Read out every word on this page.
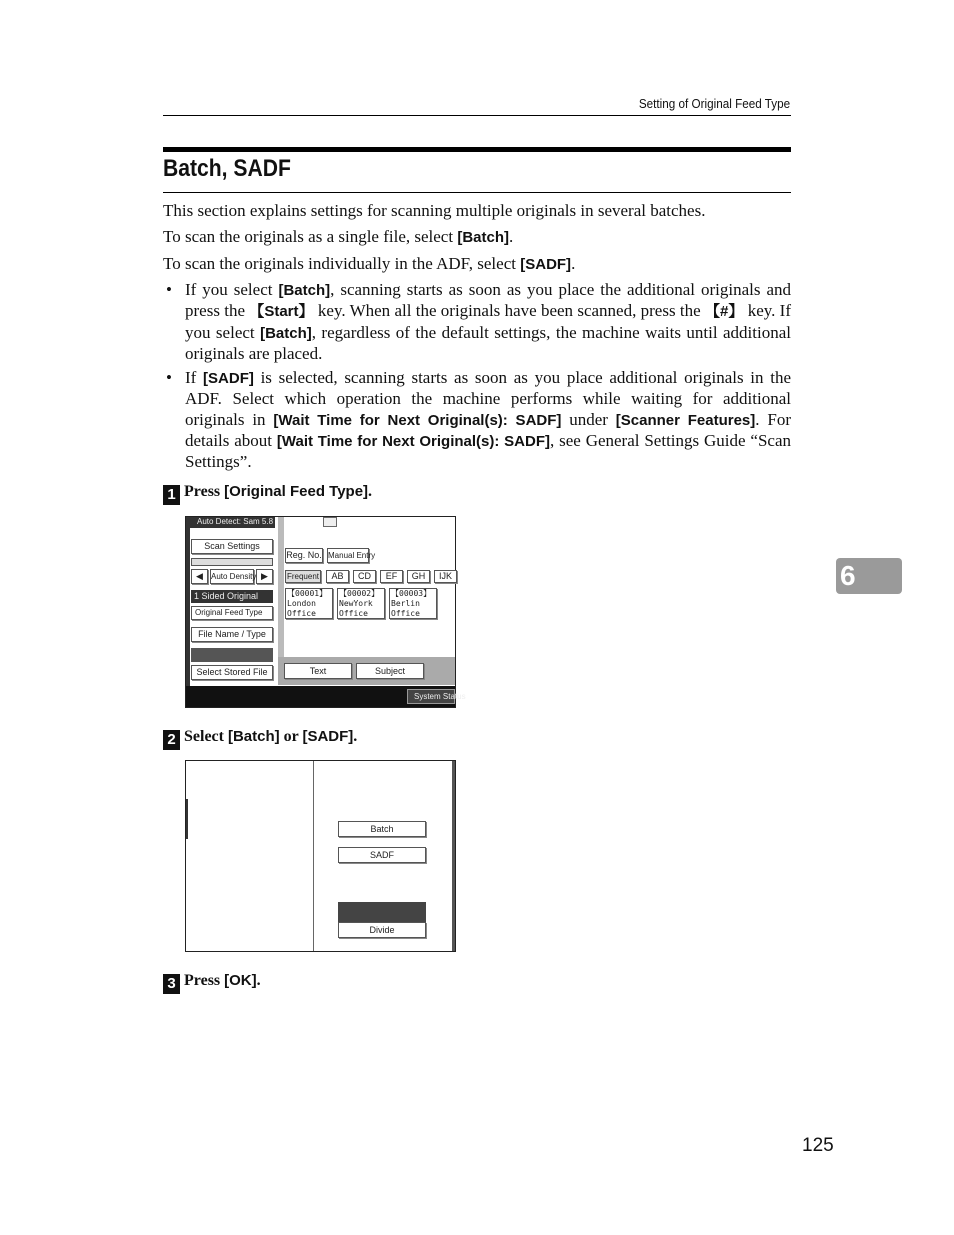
Setting of Original Feed Type
Batch, SADF
This section explains settings for scanning multiple originals in several batches.
To scan the originals as a single file, select [Batch].
To scan the originals individually in the ADF, select [SADF].
• If you select [Batch], scanning starts as soon as you place the additional originals and press the 【Start】 key. When all the originals have been scanned, press the 【#】 key. If you select [Batch], regardless of the default settings, the machine waits until additional originals are placed.
• If [SADF] is selected, scanning starts as soon as you place additional originals in the ADF. Select which operation the machine performs while waiting for additional originals in [Wait Time for Next Original(s): SADF] under [Scanner Features]. For details about [Wait Time for Next Original(s): SADF], see General Settings Guide “Scan Settings”.
6
1 Press [Original Feed Type].
Auto Detect: Sam 5.8
Scan Settings
◀	Auto Density ▶
1 Sided Original
Original Feed Type
File Name / Type
Select Stored File
Reg. No. Manual Entry
Frequent	AB	CD	EF	GH	IJK
【00001】
London Office
【00002】
NewYork Office
【00003】
Berlin Office
Text	Subject
System Status
2 Select [Batch] or [SADF].
Batch
SADF
Divide
3 Press [OK].
125
